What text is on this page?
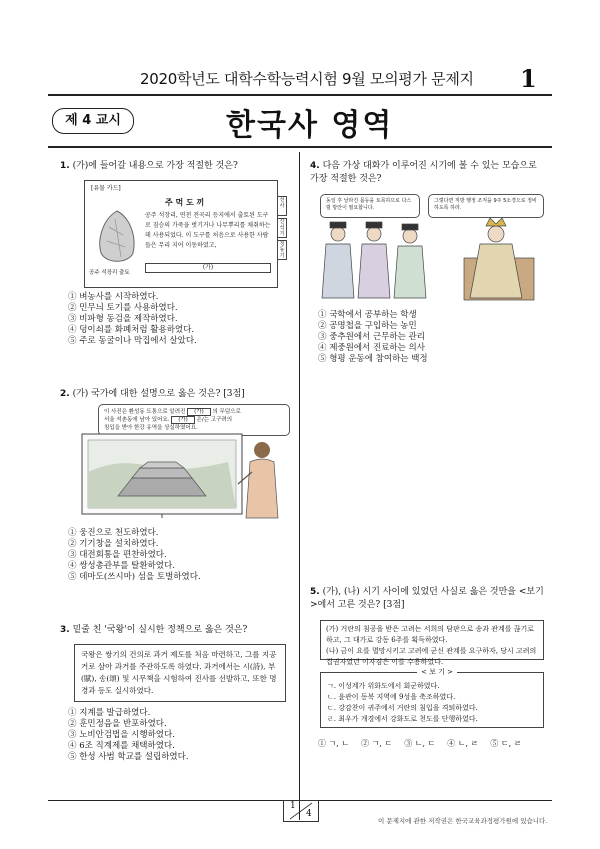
2020학년도 대학수학능력시험 9월 모의평가 문제지 1
제 4 교시	한국사 영역
1. (가)에 들어갈 내용으로 가장 적절한 것은?
[유물 카드]
주 먹 도 끼
공주 석장리 출토
공주 석장리, 연천 전곡리 등지에서 출토된 도구로 짐승의 가죽을 벗기거나 나무뿌리를 채취하는 데 사용되었다. 이 도구를 처음으로 사용한 사람들은 무리 지어 이동하였고,
(가)
선사
신석기
청동기

① 벼농사를 시작하였다.

② 민무늬 토기를 사용하였다.

③ 비파형 동검을 제작하였다.

④ 덩이쇠를 화폐처럼 활용하였다.

⑤ 주로 동굴이나 막집에서 살았다.

2. (가) 국가에 대한 설명으로 옳은 것은? [3점]
이 사진은 환성동 도통으로 알려진 (가) 의 무덤으로
서울 석촌동에 남아 있어요. (가) 은/는 고구려의
침입을 받아 한강 유역을 상실하였어요.

① 웅진으로 천도하였다.

② 기기창을 설치하였다.

③ 대전회통을 편찬하였다.

④ 쌍성총관부를 탈환하였다.

⑤ 데마도(쓰시마) 섬을 토벌하였다.

3. 밑줄 친 '국왕'이 실시한 정책으로 옳은 것은?
국왕은 쌍기의 건의로 과거 제도를 처음 마련하고, 그를 지공거로 삼아 과거를 주관하도록 하였다. 과거에서는 시(詩), 부(賦), 송(頌) 및 시무책을 시험하여 진사를 선발하고, 또한 명경과 등도 실시하였다.

① 지계를 발급하였다.

② 훈민정음을 반포하였다.

③ 노비안검법을 시행하였다.

④ 6조 직계제를 채택하였다.

⑤ 한성 사범 학교를 설립하였다.

4. 다음 가상 대화가 이루어진 시기에 볼 수 있는 모습으로 가장 적절한 것은?
동일 후 날라진 몸등을 토목하므로 다스릴 방안이 필요합니다.
그렇다면 직방 행정 조직을 9주 5소경으로 정비하도록 하라.

① 국학에서 공부하는 학생

② 공명첩을 구입하는 농민

③ 중추원에서 근무하는 관리

④ 제중원에서 진료하는 의사

⑤ 형평 운동에 참여하는 백정

5. (가), (나) 시기 사이에 있었던 사실로 옳은 것만을 <보기>에서 고른 것은? [3점]
(가) 거란의 침공을 받은 고려는 서희의 담판으로 송과 관계를 끊기로 하고, 그 대가로 강동 6주를 획득하였다.
(나) 금이 요를 멸망시키고 고려에 군신 관계를 요구하자, 당시 고려의 집권자였던 이자겸은 이를 수용하였다.
< 보 기 >
ㄱ. 이성계가 위화도에서 회군하였다.
ㄴ. 윤관이 동북 지역에 9성을 축조하였다.
ㄷ. 강감찬이 귀주에서 거란의 침입을 격퇴하였다.
ㄹ. 최우가 개경에서 강화도로 천도를 단행하였다.
① ㄱ, ㄴ ② ㄱ, ㄷ ③ ㄴ, ㄷ ④ ㄴ, ㄹ ⑤ ㄷ, ㄹ
1
4
이 문제지에 관한 저작권은 한국교육과정평가원에 있습니다.
